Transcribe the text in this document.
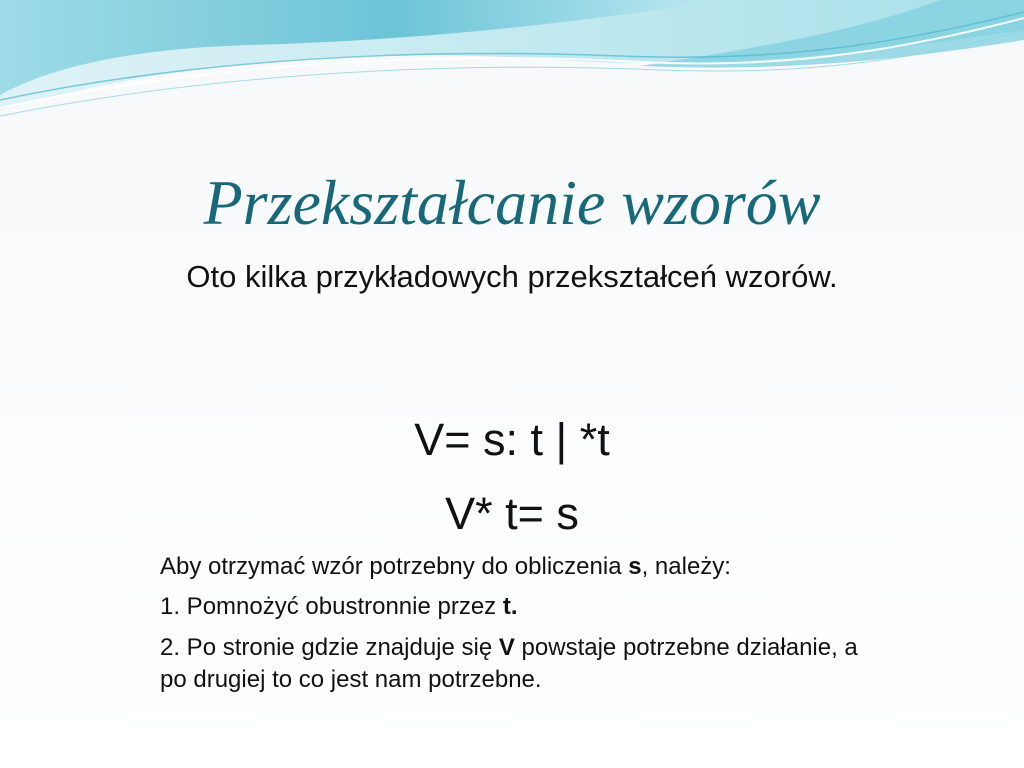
Przekształcanie wzorów
Oto kilka przykładowych przekształceń wzorów.
V= s: t | *t
V* t= s
Aby otrzymać wzór potrzebny do obliczenia s, należy:
1. Pomnożyć obustronnie przez t.
2. Po stronie gdzie znajduje się V powstaje potrzebne działanie, a po drugiej to co jest nam potrzebne.
